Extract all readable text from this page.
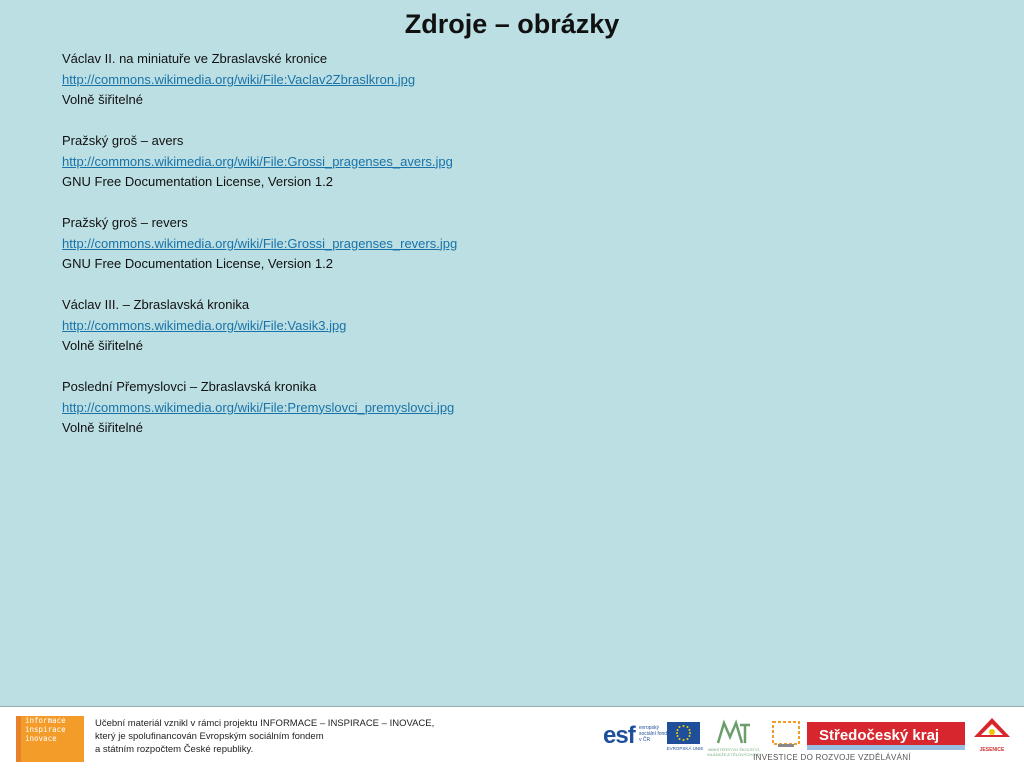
Zdroje – obrázky
Václav II. na miniatuře ve Zbraslavské kronice
http://commons.wikimedia.org/wiki/File:Vaclav2Zbraslkron.jpg
Volně šiřitelné
Pražský groš – avers
http://commons.wikimedia.org/wiki/File:Grossi_pragenses_avers.jpg
GNU Free Documentation License, Version 1.2
Pražský groš – revers
http://commons.wikimedia.org/wiki/File:Grossi_pragenses_revers.jpg
GNU Free Documentation License, Version 1.2
Václav III. – Zbraslavská kronika
http://commons.wikimedia.org/wiki/File:Vasik3.jpg
Volně šiřitelné
Poslední Přemyslovci – Zbraslavská kronika
http://commons.wikimedia.org/wiki/File:Premyslovci_premyslovci.jpg
Volně šiřitelné
informace
inspirace
inovace
Učební materiál vznikl v rámci projektu INFORMACE – INSPIRACE – INOVACE,
který je spolufinancován Evropským sociálním fondem
a státním rozpočtem České republiky.
esf evropský sociální fond v ČR
EVROPSKÁ UNIE	MINISTERSTVO ŠKOLSTVÍ, MLÁDEŽE A TĚLOVÝCHOVY
Středočeský kraj
INVESTICE DO ROZVOJE VZDĚLÁVÁNÍ
JESENICE
